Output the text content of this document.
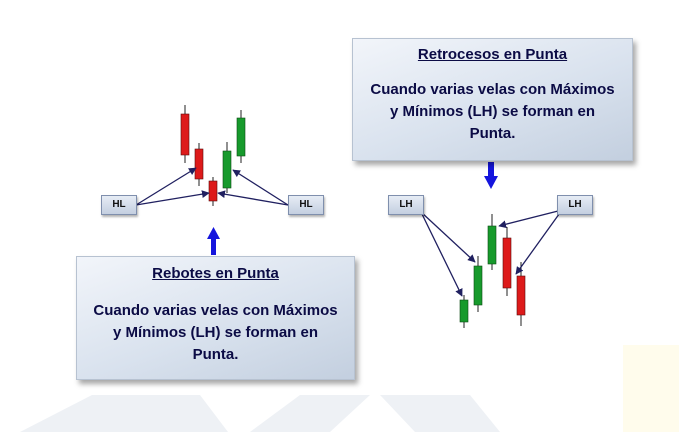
HL	HL	LH	LH
Rebotes en Punta
Cuando varias velas con Máximos y Mínimos (LH) se forman en Punta.
Retrocesos en Punta
Cuando varias velas con Máximos y Mínimos (LH) se forman en Punta.
